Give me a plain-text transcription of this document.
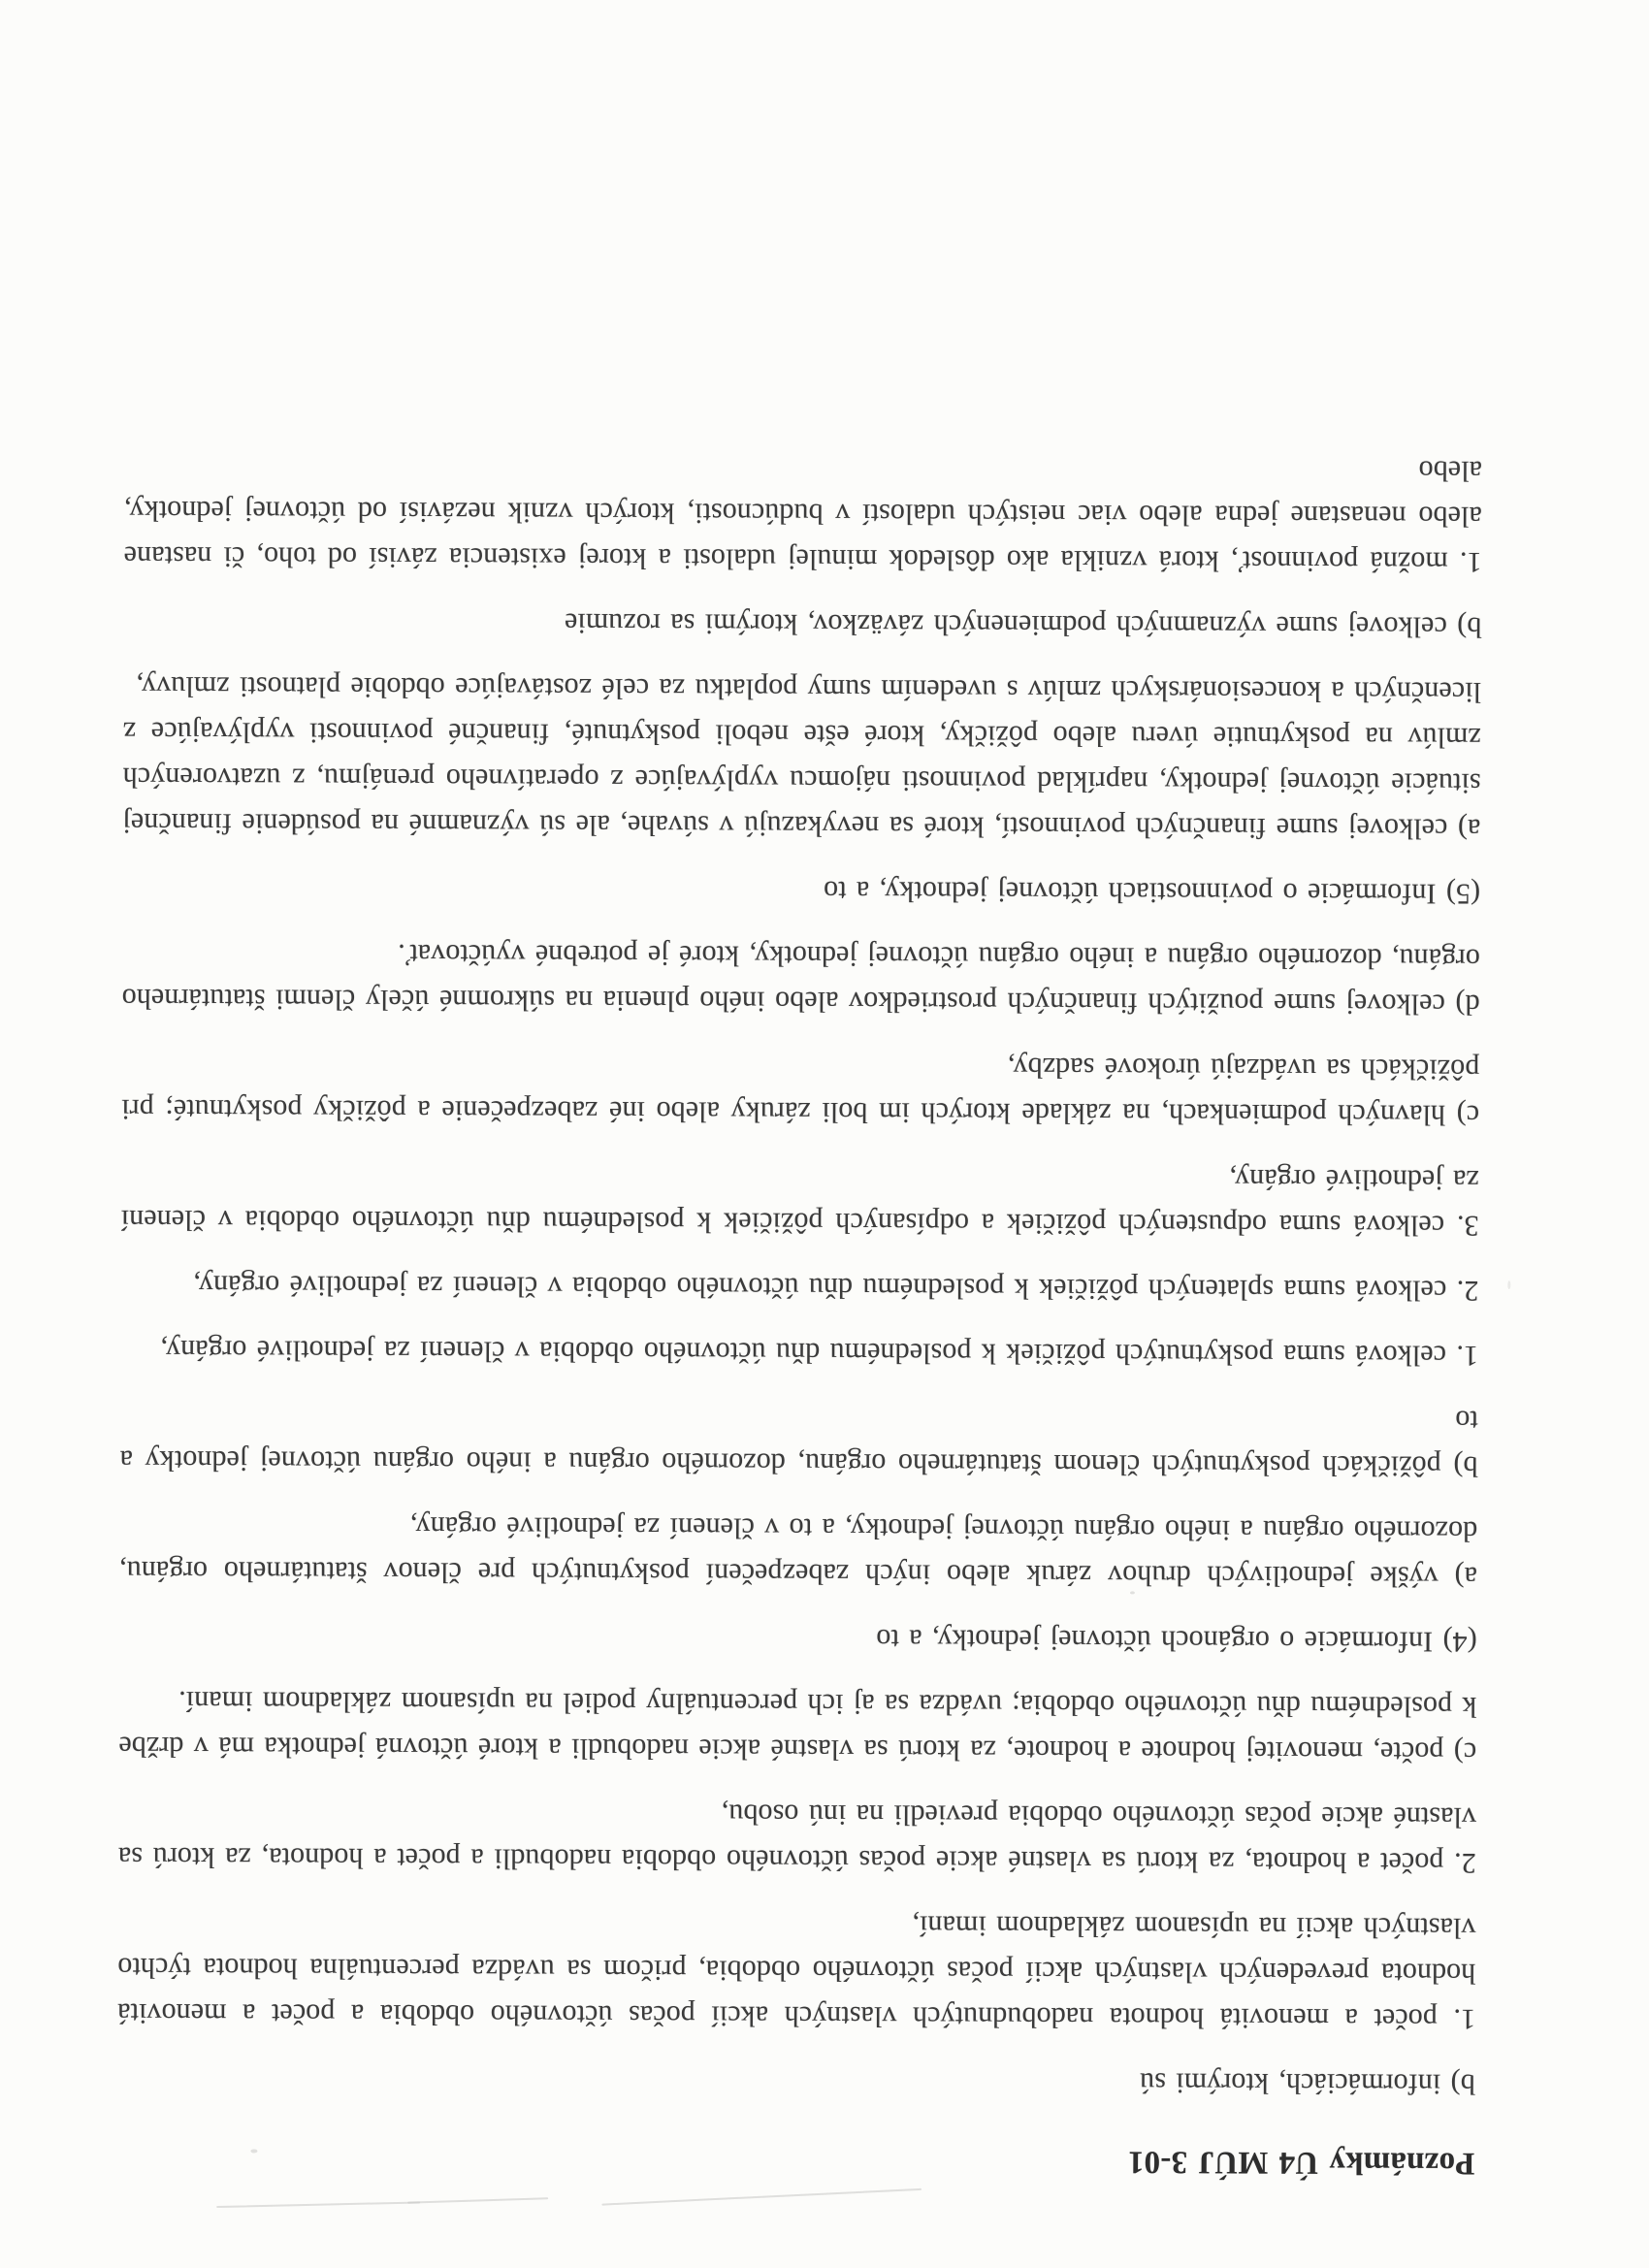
Poznámky Ú4 MÚJ 3-01

b) informáciách, ktorými sú

1. počet a menovitá hodnota nadobudnutých vlastných akcií počas účtovného obdobia a počet a menovitá hodnota prevedených vlastných akcií počas účtovného obdobia, pričom sa uvádza percentuálna hodnota týchto vlastných akcií na upísanom základnom imaní,

2. počet a hodnota, za ktorú sa vlastné akcie počas účtovného obdobia nadobudli a počet a hodnota, za ktorú sa vlastné akcie počas účtovného obdobia previedli na inú osobu,

c) počte, menovitej hodnote a hodnote, za ktorú sa vlastné akcie nadobudli a ktoré účtovná jednotka má v držbe k poslednému dňu účtovného obdobia; uvádza sa aj ich percentuálny podiel na upísanom základnom imaní.

(4) Informácie o orgánoch účtovnej jednotky, a to

a) výške jednotlivých druhov záruk alebo iných zabezpečení poskytnutých pre členov štatutárneho orgánu, dozorného orgánu a iného orgánu účtovnej jednotky, a to v členení za jednotlivé orgány,

b) pôžičkách poskytnutých členom štatutárneho orgánu, dozorného orgánu a iného orgánu účtovnej jednotky a to

1. celková suma poskytnutých pôžičiek k poslednému dňu účtovného obdobia v členení za jednotlivé orgány,

2. celková suma splatených pôžičiek k poslednému dňu účtovného obdobia v členení za jednotlivé orgány,

3. celková suma odpustených pôžičiek a odpísaných pôžičiek k poslednému dňu účtovného obdobia v členení za jednotlivé orgány,

c) hlavných podmienkach, na základe ktorých im boli záruky alebo iné zabezpečenie a pôžičky poskytnuté; pri pôžičkách sa uvádzajú úrokové sadzby,

d) celkovej sume použitých finančných prostriedkov alebo iného plnenia na súkromné účely členmi štatutárneho orgánu, dozorného orgánu a iného orgánu účtovnej jednotky, ktoré je potrebné vyúčtovať.

(5) Informácie o povinnostiach účtovnej jednotky, a to

a) celkovej sume finančných povinností, ktoré sa nevykazujú v súvahe, ale sú významné na posúdenie finančnej situácie účtovnej jednotky, napríklad povinnosti nájomcu vyplývajúce z operatívneho prenájmu, z uzatvorených zmlúv na poskytnutie úveru alebo pôžičky, ktoré ešte neboli poskytnuté, finančné povinnosti vyplývajúce z licenčných a koncesionárskych zmlúv s uvedením sumy poplatku za celé zostávajúce obdobie platnosti zmluvy,

b) celkovej sume významných podmienených záväzkov, ktorými sa rozumie

1. možná povinnosť, ktorá vznikla ako dôsledok minulej udalosti a ktorej existencia závisí od toho, či nastane alebo nenastane jedna alebo viac neistých udalostí v budúcnosti, ktorých vznik nezávisí od účtovnej jednotky, alebo
